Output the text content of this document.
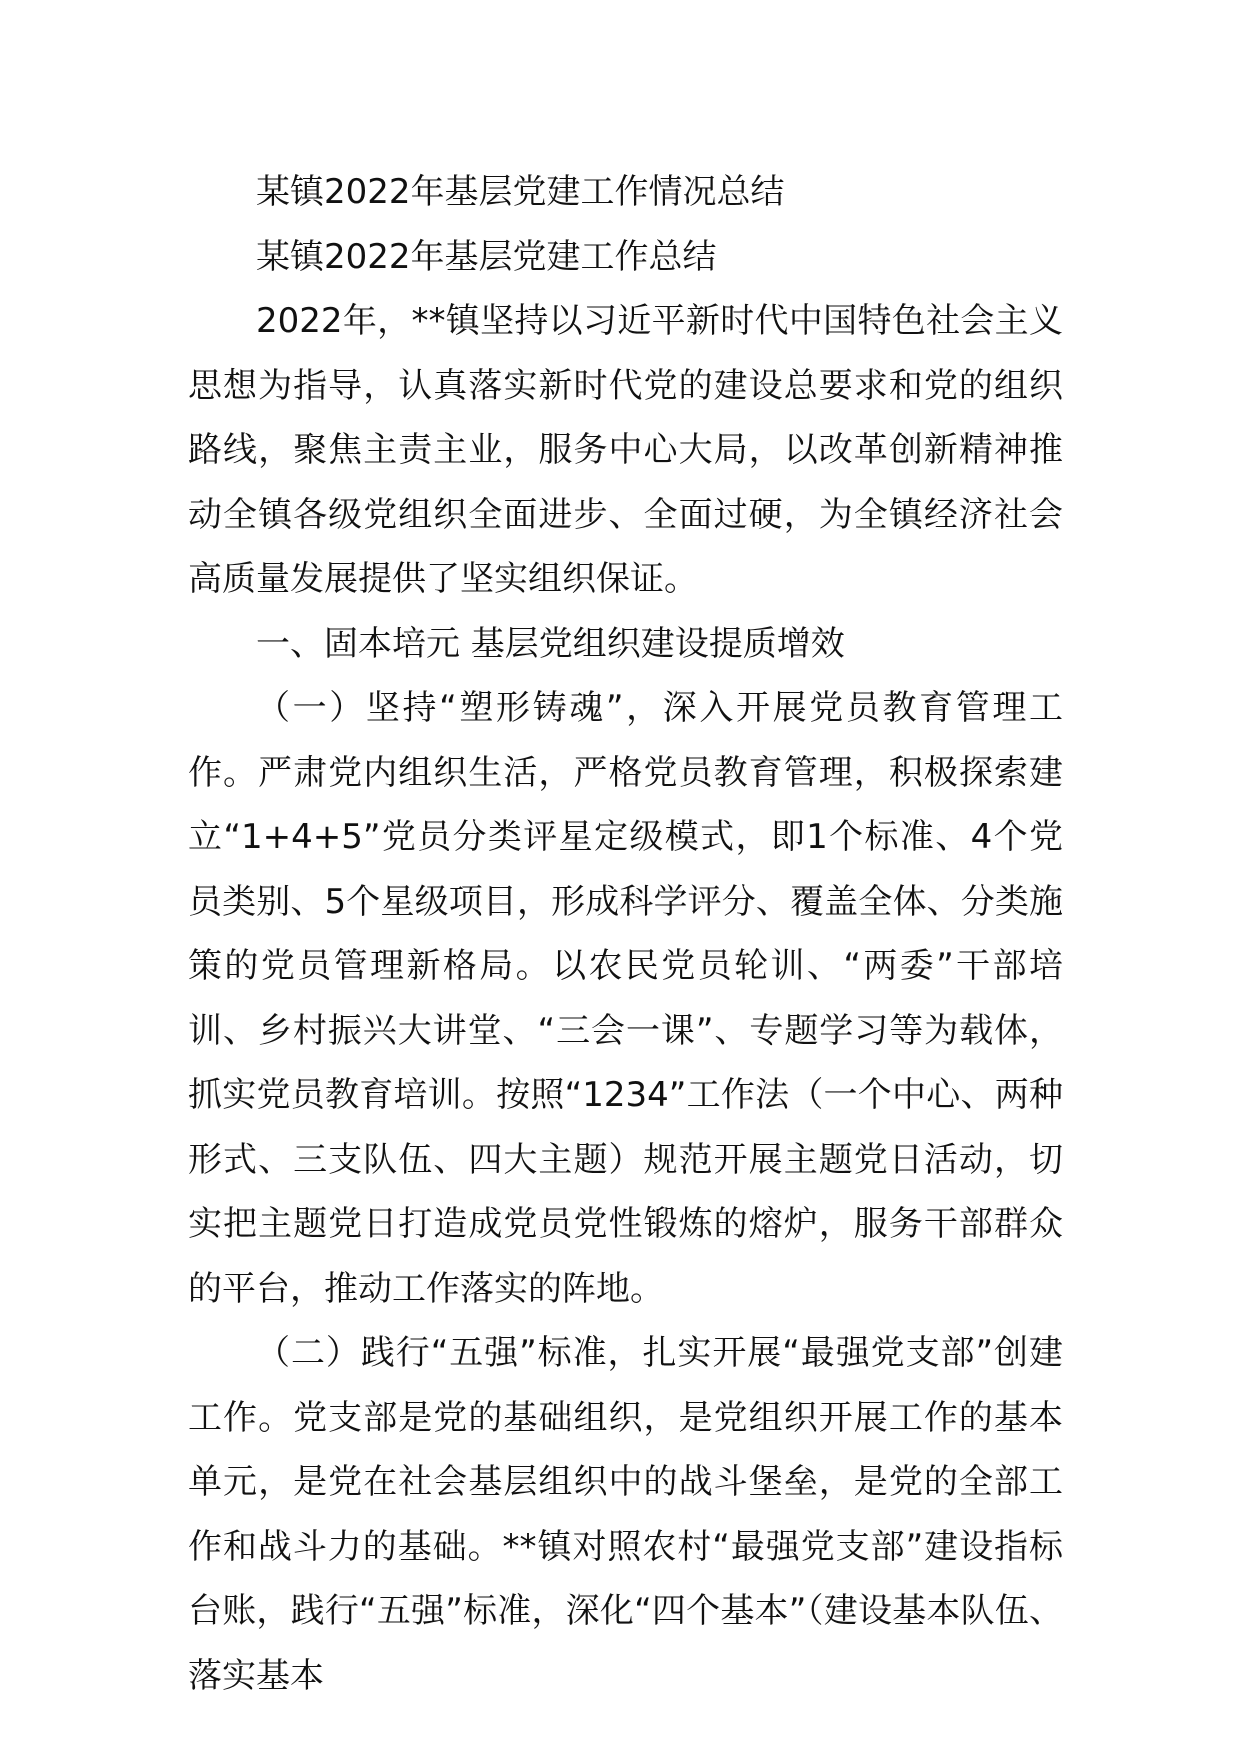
某镇2022年基层党建工作情况总结

某镇2022年基层党建工作总结

2022年，**镇坚持以习近平新时代中国特色社会主义思想为指导，认真落实新时代党的建设总要求和党的组织路线，聚焦主责主业，服务中心大局，以改革创新精神推动全镇各级党组织全面进步、全面过硬，为全镇经济社会高质量发展提供了坚实组织保证。

一、固本培元 基层党组织建设提质增效

（一）坚持“塑形铸魂”，深入开展党员教育管理工作。严肃党内组织生活，严格党员教育管理，积极探索建立“1+4+5”党员分类评星定级模式，即1个标准、4个党员类别、5个星级项目，形成科学评分、覆盖全体、分类施策的党员管理新格局。以农民党员轮训、“两委”干部培训、乡村振兴大讲堂、“三会一课”、专题学习等为载体，抓实党员教育培训。按照“1234”工作法（一个中心、两种形式、三支队伍、四大主题）规范开展主题党日活动，切实把主题党日打造成党员党性锻炼的熔炉，服务干部群众的平台，推动工作落实的阵地。

（二）践行“五强”标准，扎实开展“最强党支部”创建工作。党支部是党的基础组织，是党组织开展工作的基本单元，是党在社会基层组织中的战斗堡垒，是党的全部工作和战斗力的基础。**镇对照农村“最强党支部”建设指标台账，践行“五强”标准，深化“四个基本”（建设基本队伍、落实基本
